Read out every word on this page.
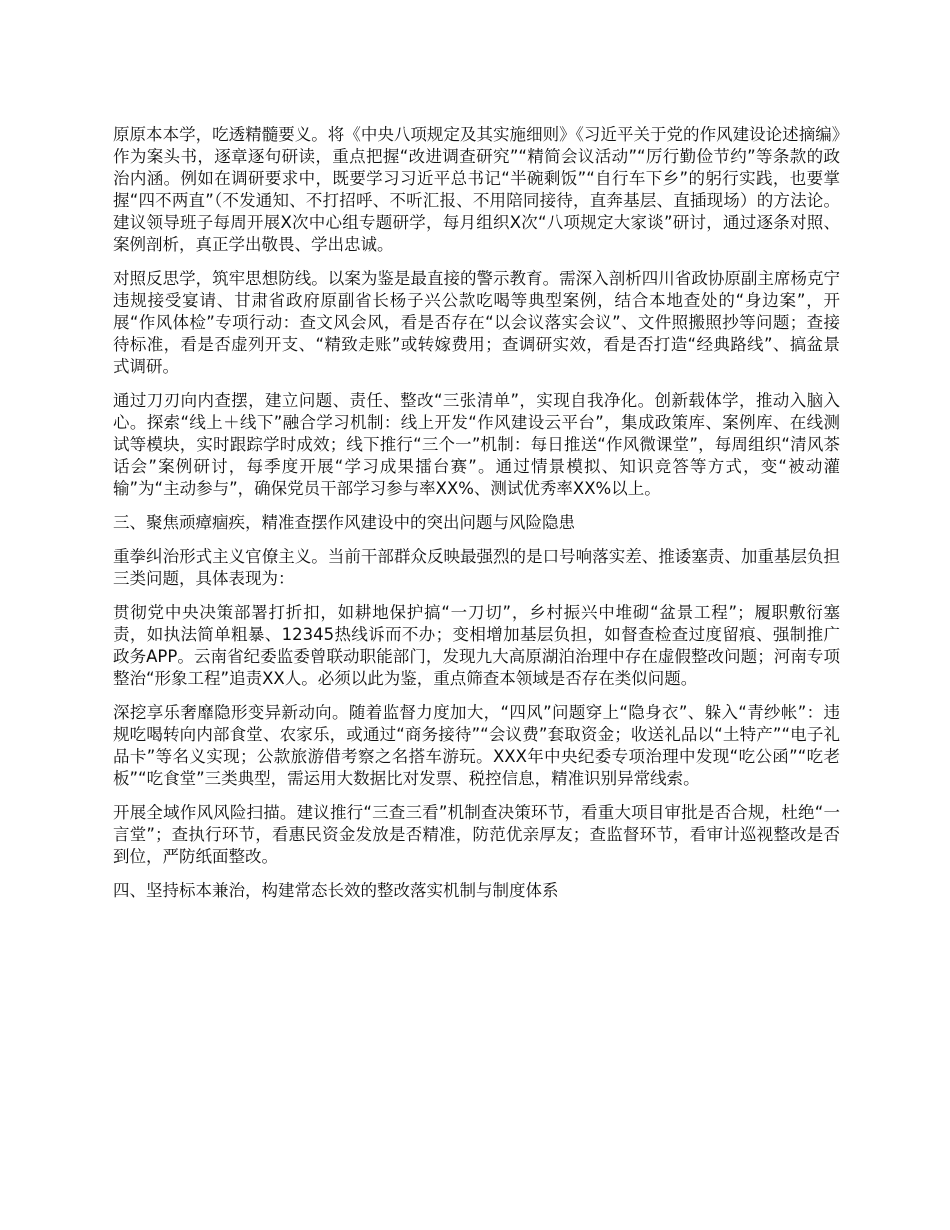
原原本本学，吃透精髓要义。将《中央八项规定及其实施细则》《习近平关于党的作风建设论述摘编》作为案头书，逐章逐句研读，重点把握“改进调查研究”“精简会议活动”“厉行勤俭节约”等条款的政治内涵。例如在调研要求中，既要学习习近平总书记“半碗剩饭”“自行车下乡”的躬行实践，也要掌握“四不两直”（不发通知、不打招呼、不听汇报、不用陪同接待，直奔基层、直插现场）的方法论。建议领导班子每周开展X次中心组专题研学，每月组织X次“八项规定大家谈”研讨，通过逐条对照、案例剖析，真正学出敬畏、学出忠诚。

对照反思学，筑牢思想防线。以案为鉴是最直接的警示教育。需深入剖析四川省政协原副主席杨克宁违规接受宴请、甘肃省政府原副省长杨子兴公款吃喝等典型案例，结合本地查处的“身边案”，开展“作风体检”专项行动：查文风会风，看是否存在“以会议落实会议”、文件照搬照抄等问题；查接待标准，看是否虚列开支、“精致走账”或转嫁费用；查调研实效，看是否打造“经典路线”、搞盆景式调研。

通过刀刃向内查摆，建立问题、责任、整改“三张清单”，实现自我净化。创新载体学，推动入脑入心。探索“线上＋线下”融合学习机制：线上开发“作风建设云平台”，集成政策库、案例库、在线测试等模块，实时跟踪学时成效；线下推行“三个一”机制：每日推送“作风微课堂”，每周组织“清风茶话会”案例研讨，每季度开展“学习成果擂台赛”。通过情景模拟、知识竞答等方式，变“被动灌输”为“主动参与”，确保党员干部学习参与率XX%、测试优秀率XX%以上。

三、聚焦顽瘴痼疾，精准查摆作风建设中的突出问题与风险隐患

重拳纠治形式主义官僚主义。当前干部群众反映最强烈的是口号响落实差、推诿塞责、加重基层负担三类问题，具体表现为：

贯彻党中央决策部署打折扣，如耕地保护搞“一刀切”，乡村振兴中堆砌“盆景工程”；履职敷衍塞责，如执法简单粗暴、12345热线诉而不办；变相增加基层负担，如督查检查过度留痕、强制推广政务APP。云南省纪委监委曾联动职能部门，发现九大高原湖泊治理中存在虚假整改问题；河南专项整治“形象工程”追责XX人。必须以此为鉴，重点筛查本领域是否存在类似问题。

深挖享乐奢靡隐形变异新动向。随着监督力度加大，“四风”问题穿上“隐身衣”、躲入“青纱帐”：违规吃喝转向内部食堂、农家乐，或通过“商务接待”“会议费”套取资金；收送礼品以“土特产”“电子礼品卡”等名义实现；公款旅游借考察之名搭车游玩。XXX年中央纪委专项治理中发现“吃公函”“吃老板”“吃食堂”三类典型，需运用大数据比对发票、税控信息，精准识别异常线索。

开展全域作风风险扫描。建议推行“三查三看”机制查决策环节，看重大项目审批是否合规，杜绝“一言堂”；查执行环节，看惠民资金发放是否精准，防范优亲厚友；查监督环节，看审计巡视整改是否到位，严防纸面整改。

四、坚持标本兼治，构建常态长效的整改落实机制与制度体系
